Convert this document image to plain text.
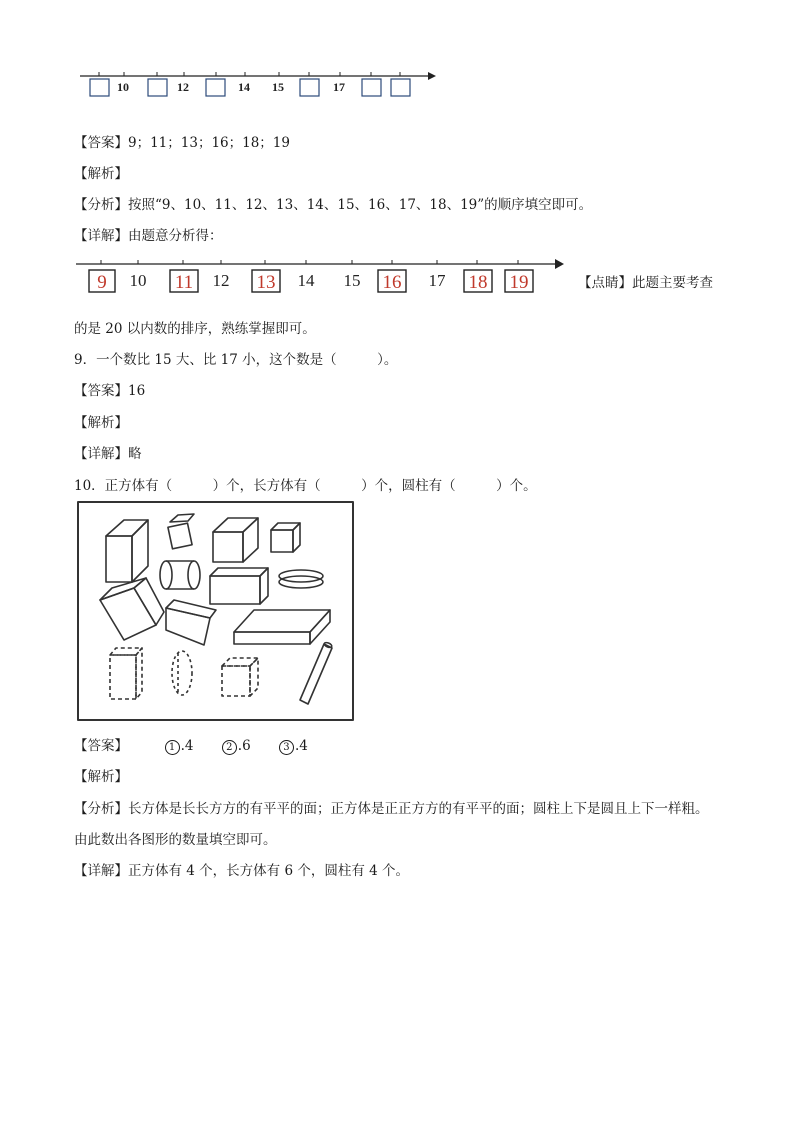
10	12	14 15	17
【答案】9；11；13；16；18；19
【解析】
【分析】按照“9、10、11、12、13、14、15、16、17、18、19”的顺序填空即可。
【详解】由题意分析得：
9	11	13	16	18 19
10	12	14 15	17	【点睛】此题主要考查
的是 20 以内数的排序，熟练掌握即可。
9．一个数比 15 大、比 17 小，这个数是（　　　）。
【答案】16
【解析】
【详解】略
10．正方体有（　　　）个，长方体有（　　　）个，圆柱有（　　　）个。
【答案】	1 .4	2 .6	3 .4
【解析】
【分析】长方体是长长方方的有平平的面；正方体是正正方方的有平平的面；圆柱上下是圆且上下一样粗。
由此数出各图形的数量填空即可。
【详解】正方体有 4 个，长方体有 6 个，圆柱有 4 个。
